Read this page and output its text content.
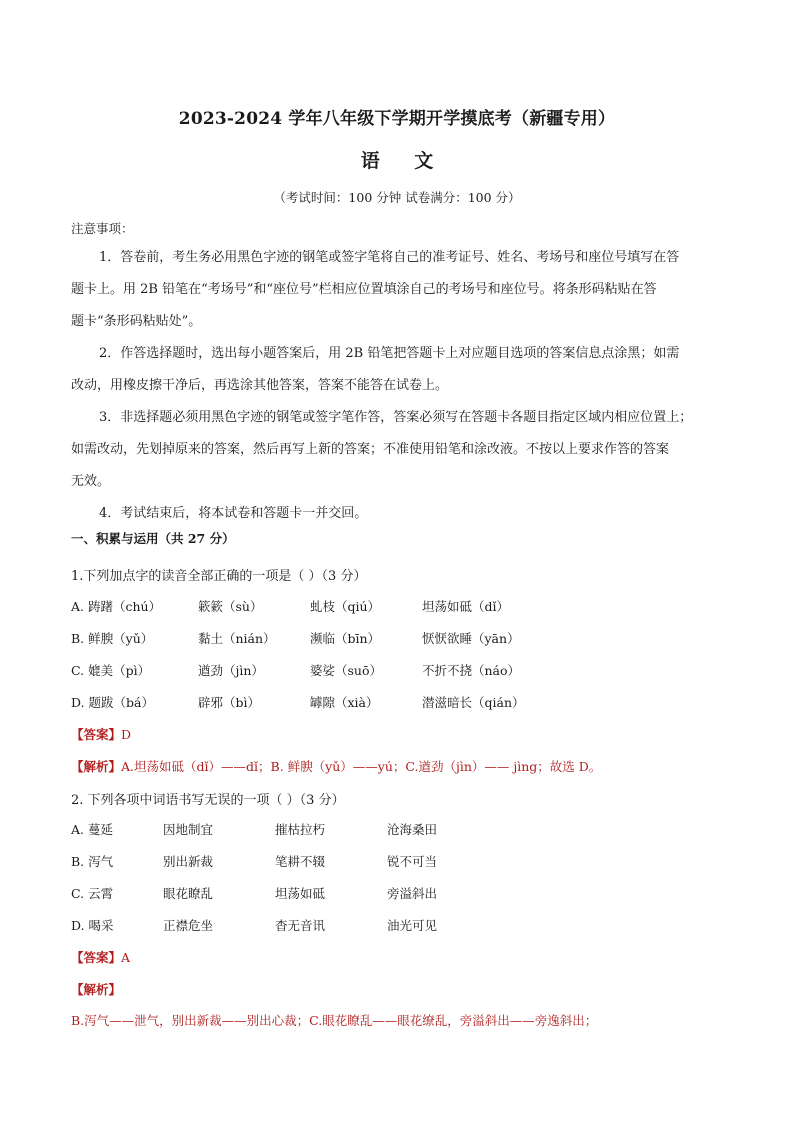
2023-2024 学年八年级下学期开学摸底考（新疆专用）
语 文
（考试时间：100 分钟 试卷满分：100 分）
注意事项：
1．答卷前，考生务必用黑色字迹的钢笔或签字笔将自己的准考证号、姓名、考场号和座位号填写在答
题卡上。用 2B 铅笔在“考场号”和“座位号”栏相应位置填涂自己的考场号和座位号。将条形码粘贴在答
题卡“条形码粘贴处”。
2．作答选择题时，选出每小题答案后，用 2B 铅笔把答题卡上对应题目选项的答案信息点涂黑；如需
改动，用橡皮擦干净后，再选涂其他答案，答案不能答在试卷上。
3．非选择题必须用黑色字迹的钢笔或签字笔作答，答案必须写在答题卡各题目指定区域内相应位置上；
如需改动，先划掉原来的答案，然后再写上新的答案；不准使用铅笔和涂改液。不按以上要求作答的答案
无效。
4．考试结束后，将本试卷和答题卡一并交回。
一、积累与运用（共 27 分）
1.下列加点字的读音全部正确的一项是（ ）（3 分）
A. 踌躇（chú）	簌簌（sù）	虬枝（qiú）	坦荡如砥（dǐ）
B. 鲜腴（yǔ）	黏土（nián）	濒临（bīn）	恹恹欲睡（yān）
C. 媲美（pì）	遒劲（jìn）	婆娑（suō）	不折不挠（náo）
D. 题跋（bá）	辟邪（bì）	罅隙（xià）	潜滋暗长（qián）
【答案】D
【解析】A.坦荡如砥（dǐ）——dǐ；B. 鲜腴（yǔ）——yú；C.遒劲（jìn）—— jìng；故选 D。
2. 下列各项中词语书写无误的一项（ ）（3 分）
A. 蔓延	因地制宜	摧枯拉朽	沧海桑田
B. 泻气	别出新裁	笔耕不辍	锐不可当
C. 云霄	眼花瞭乱	坦荡如砥	旁溢斜出
D. 喝采	正襟危坐	杳无音讯	油光可见
【答案】A
【解析】
B.泻气——泄气，别出新裁——别出心裁；C.眼花瞭乱——眼花缭乱，旁溢斜出——旁逸斜出；
